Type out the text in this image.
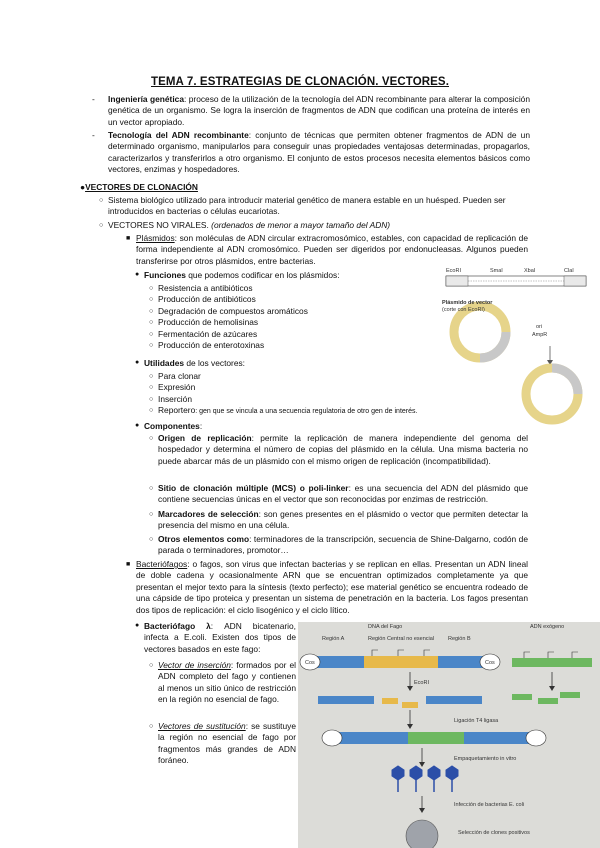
TEMA 7. ESTRATEGIAS DE CLONACIÓN. VECTORES.
- Ingeniería genética: proceso de la utilización de la tecnología del ADN recombinante para alterar la composición genética de un organismo. Se logra la inserción de fragmentos de ADN que codifican una proteína de interés en un vector apropiado.
- Tecnología del ADN recombinante: conjunto de técnicas que permiten obtener fragmentos de ADN de un determinado organismo, manipularlos para conseguir unas propiedades ventajosas determinadas, propagarlos, caracterizarlos y transferirlos a otro organismo. El conjunto de estos procesos necesita elementos básicos como vectores, enzimas y hospedadores.
●VECTORES DE CLONACIÓN
○ Sistema biológico utilizado para introducir material genético de manera estable en un huésped. Pueden ser introducidos en bacterias o células eucariotas.
○ VECTORES NO VIRALES. (ordenados de menor a mayor tamaño del ADN)
■ Plásmidos: son moléculas de ADN circular extracromosómico, estables, con capacidad de replicación de forma independiente al ADN cromosómico. Pueden ser digeridos por endonucleasas. Algunos pueden transferirse por otros plásmidos, entre bacterias.
● Funciones que podemos codificar en los plásmidos:
○ Resistencia a antibióticos
○ Producción de antibióticos
○ Degradación de compuestos aromáticos
○ Producción de hemolisinas
○ Fermentación de azúcares
○ Producción de enterotoxinas
● Utilidades de los vectores:
○ Para clonar
○ Expresión
○ Inserción
○ Reportero: gen que se vincula a una secuencia regulatoria de otro gen de interés.
● Componentes:
○ Origen de replicación: permite la replicación de manera independiente del genoma del hospedador y determina el número de copias del plásmido en la célula. Una misma bacteria no puede abarcar más de un plásmido con el mismo origen de replicación (incompatibilidad).
○ Sitio de clonación múltiple (MCS) o poli-linker: es una secuencia del ADN del plásmido que contiene secuencias únicas en el vector que son reconocidas por enzimas de restricción.
○ Marcadores de selección: son genes presentes en el plásmido o vector que permiten detectar la presencia del mismo en una célula.
○ Otros elementos como: terminadores de la transcripción, secuencia de Shine-Dalgarno, codón de parada o terminadores, promotor…
■ Bacteriófagos: o fagos, son virus que infectan bacterias y se replican en ellas. Presentan un ADN lineal de doble cadena y ocasionalmente ARN que se encuentran optimizados completamente ya que presentan el mejor texto para la síntesis (texto perfecto); ese material genético se encuentra rodeado de una cápside de tipo proteica y presentan un sistema de penetración en la bacteria. Los fagos presentan dos tipos de replicación: el ciclo lisogénico y el ciclo lítico.
● Bacteriófago λ: ADN bicatenario, infecta a E.coli. Existen dos tipos de vectores basados en este fago:
○ Vector de inserción: formados por el ADN completo del fago y contienen al menos un sitio único de restricción en la región no esencial de fago.
○ Vectores de sustitución: se sustituye la región no esencial de fago por fragmentos más grandes de ADN foráneo.
EcoRI	SmaI	XbaI	ClaI
Plásmido de vector
(corte con EcoRI)
AmpR
ori
DNA del Fago	ADN exógeno
Región A	Región Central no esencial	Región B
Cos	Cos
EcoRI
Ligación T4 ligasa
Empaquetamiento in vitro
Infección de bacterias E. coli
Selección de clones positivos
